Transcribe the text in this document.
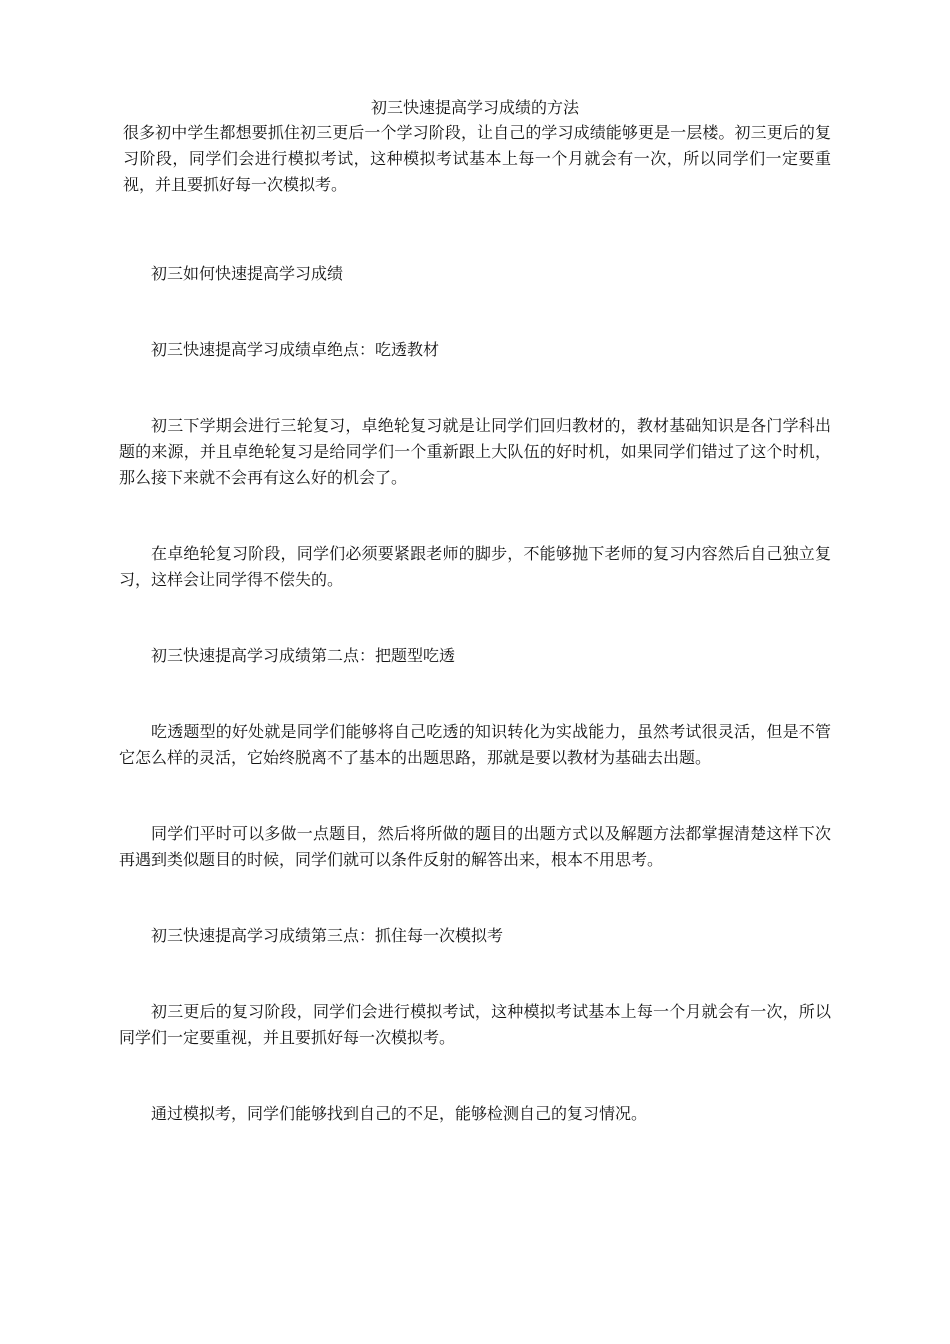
初三快速提高学习成绩的方法

很多初中学生都想要抓住初三更后一个学习阶段，让自己的学习成绩能够更是一层楼。初三更后的复习阶段，同学们会进行模拟考试，这种模拟考试基本上每一个月就会有一次，所以同学们一定要重视，并且要抓好每一次模拟考。

初三如何快速提高学习成绩

初三快速提高学习成绩卓绝点：吃透教材

初三下学期会进行三轮复习，卓绝轮复习就是让同学们回归教材的，教材基础知识是各门学科出题的来源，并且卓绝轮复习是给同学们一个重新跟上大队伍的好时机，如果同学们错过了这个时机，那么接下来就不会再有这么好的机会了。

在卓绝轮复习阶段，同学们必须要紧跟老师的脚步，不能够抛下老师的复习内容然后自己独立复习，这样会让同学得不偿失的。

初三快速提高学习成绩第二点：把题型吃透

吃透题型的好处就是同学们能够将自己吃透的知识转化为实战能力，虽然考试很灵活，但是不管它怎么样的灵活，它始终脱离不了基本的出题思路，那就是要以教材为基础去出题。

同学们平时可以多做一点题目，然后将所做的题目的出题方式以及解题方法都掌握清楚这样下次再遇到类似题目的时候，同学们就可以条件反射的解答出来，根本不用思考。

初三快速提高学习成绩第三点：抓住每一次模拟考

初三更后的复习阶段，同学们会进行模拟考试，这种模拟考试基本上每一个月就会有一次，所以同学们一定要重视，并且要抓好每一次模拟考。

通过模拟考，同学们能够找到自己的不足，能够检测自己的复习情况。
